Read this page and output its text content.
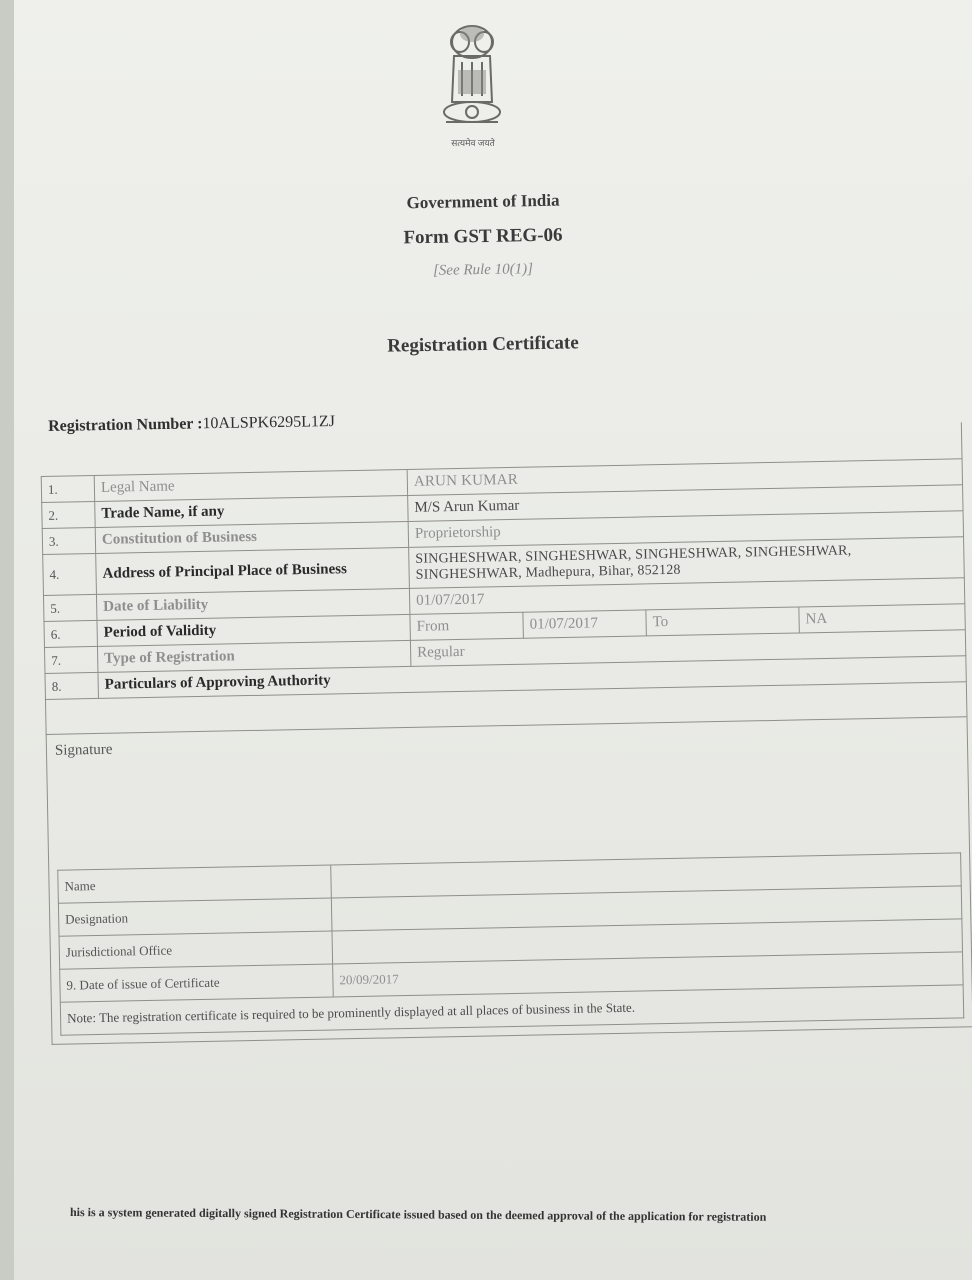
सत्यमेव जयते
Government of India
Form GST REG-06
[See Rule 10(1)]
Registration Certificate
Registration Number :10ALSPK6295L1ZJ

1.	Legal Name	ARUN KUMAR
2.	Trade Name, if any	M/S Arun Kumar
3.	Constitution of Business	Proprietorship
4.	Address of Principal Place of Business	SINGHESHWAR, SINGHESHWAR, SINGHESHWAR, SINGHESHWAR, SINGHESHWAR, Madhepura, Bihar, 852128
5.	Date of Liability	01/07/2017
6.	Period of Validity	From	01/07/2017	To	NA
7.	Type of Registration	Regular
8.	Particulars of Approving Authority

Signature
Name	
Designation	
Jurisdictional Office	
9. Date of issue of Certificate	20/09/2017
Note: The registration certificate is required to be prominently displayed at all places of business in the State.
his is a system generated digitally signed Registration Certificate issued based on the deemed approval of the application for registration
